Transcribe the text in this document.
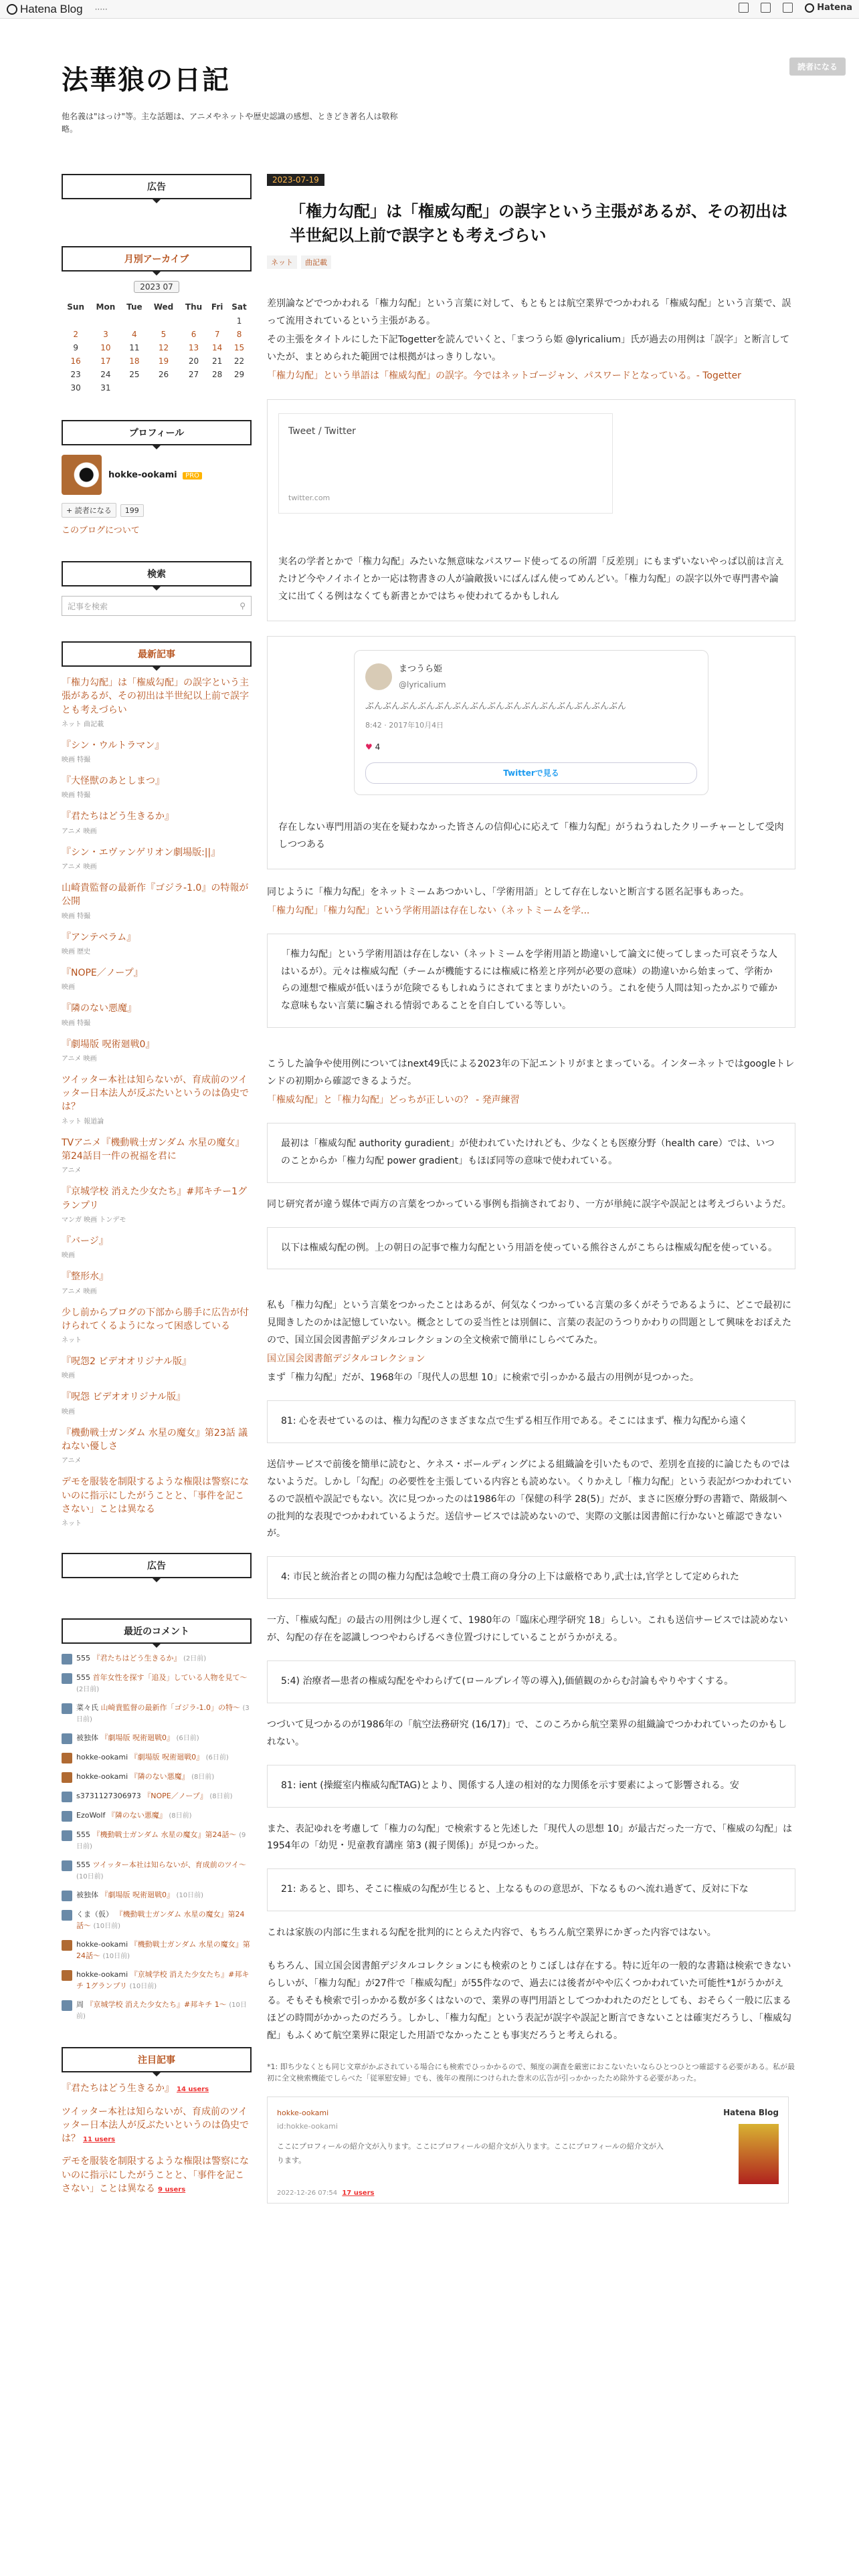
Hatena Blog ·····	Hatena
法華狼の日記

他名義は"はっけ"等。主な話題は、アニメやネットや歴史認識の感想、ときどき著名人は敬称略。

読者になる
広告
月別アーカイブ
2023 07
Sun	Mon	Tue	Wed	Thu	Fri	Sat
						1
2	3	4	5	6	7	8
9	10	11	12	13	14	15
16	17	18	19	20	21	22
23	24	25	26	27	28	29
30	31					
プロフィール
hokke-ookami PRO
+ 読者になる	199
このブログについて
検索
記事を検索	⚲
最新記事
「権力勾配」は「権威勾配」の誤字という主張があるが、その初出は半世紀以上前で誤字とも考えづらい
ネット 曲記載
『シン・ウルトラマン』
映画 特撮
『大怪獣のあとしまつ』
映画 特撮
『君たちはどう生きるか』
アニメ 映画
『シン・エヴァンゲリオン劇場版:||』
アニメ 映画
山崎貴監督の最新作『ゴジラ-1.0』の特報が公開
映画 特撮
『アンテベラム』
映画 歴史
『NOPE／ノープ』
映画
『隣のない悪魔』
映画 特撮
『劇場版 呪術廻戦0』
アニメ 映画
ツイッター本社は知らないが、育成前のツイッター日本法人が反ぶたいというのは偽史では？
ネット 報道論
TVアニメ『機動戦士ガンダム 水星の魔女』第24話目一件の祝福を君に
アニメ
『京城学校 消えた少女たち』#邦キチー1グランプリ
マンガ 映画 トンデモ
『バージ』
映画
『整形水』
アニメ 映画
少し前からブログの下部から勝手に広告が付けられてくるようになって困惑している
ネット
『呪怨2 ビデオオリジナル版』
映画
『呪怨 ビデオオリジナル版』
映画
『機動戦士ガンダム 水星の魔女』第23話 議ねない優しさ
アニメ
デモを服装を制限するような権限は警察にないのに指示にしたがうことと、「事件を記こさない」ことは異なる
ネット
広告
最近のコメント
555 『君たちはどう生きるか』 (2日前)
555 首年女性を探す「追及」している人物を見て〜 (2日前)
菜々氏 山崎貴監督の最新作「ゴジラ-1.0」の特〜 (3日前)
被独体 『劇場版 呪術廻戦0』 (6日前)
hokke-ookami 『劇場版 呪術廻戦0』 (6日前)
hokke-ookami 『隣のない悪魔』 (8日前)
s3731127306973 『NOPE／ノープ』 (8日前)
EzoWolf 『隣のない悪魔』 (8日前)
555 『機動戦士ガンダム 水星の魔女』第24話〜 (9日前)
555 ツイッター本社は知らないが、育成前のツイ〜 (10日前)
被独体 『劇場版 呪術廻戦0』 (10日前)
くま（仮） 『機動戦士ガンダム 水星の魔女』第24話〜 (10日前)
hokke-ookami 『機動戦士ガンダム 水星の魔女』第24話〜 (10日前)
hokke-ookami 『京城学校 消えた少女たち』#邦キチ 1グランプリ (10日前)
周 『京城学校 消えた少女たち』#邦キチ 1〜 (10日前)
注目記事
『君たちはどう生きるか』 14 users
ツイッター本社は知らないが、育成前のツイッター日本法人が反ぶたいというのは偽史では？ 11 users
デモを服装を制限するような権限は警察にないのに指示にしたがうことと、「事件を記こさない」ことは異なる 9 users
2023-07-19
「権力勾配」は「権威勾配」の誤字という主張があるが、その初出は半世紀以上前で誤字とも考えづらい
ネット	曲記載

差別論などでつかわれる「権力勾配」という言葉に対して、もともとは航空業界でつかわれる「権威勾配」という言葉で、誤って流用されているという主張がある。

その主張をタイトルにした下記Togetterを読んでいくと、「まつうら姫 @lyricalium」氏が過去の用例は「誤字」と断言していたが、まとめられた範囲では根拠がはっきりしない。

「権力勾配」という単語は「権威勾配」の誤字。今ではネットゴージャン、パスワードとなっている。- Togetter

Tweet / Twitter
twitter.com

実名の学者とかで「権力勾配」みたいな無意味なパスワード使ってるの所謂「反差別」にもまずいないやっぱ以前は言えたけど今やノイホイとか一応は物書きの人が論敵扱いにばんばん使ってめんどい。「権力勾配」の誤字以外で専門書や論文に出てくる例はなくても新書とかではちゃ使われてるかもしれん

まつうら姫
@lyricalium
ぶんぶんぶんぶんぶんぶんぶんぶんぶんぶんぶんぶんぶんぶんぶん
8:42 · 2017年10月4日
♥ 4
Twitterで見る

存在しない専門用語の実在を疑わなかった皆さんの信仰心に応えて「権力勾配」がうねうねしたクリーチャーとして受肉しつつある

同じように「権力勾配」をネットミームあつかいし、「学術用語」として存在しないと断言する匿名記事もあった。

「権力勾配」「権力勾配」という学術用語は存在しない（ネットミームを学...

「権力勾配」という学術用語は存在しない（ネットミームを学術用語と勘違いして論文に使ってしまった可哀そうな人はいるが）。元々は権威勾配（チームが機能するには権威に格差と序列が必要の意味）の勘違いから始まって、学術からの連想で権威が低いほうが危険でるもしれぬうにされてまとまりがたいのう。これを使う人間は知ったかぶりで確かな意味もない言葉に騙される情弱であることを自白している等しい。

こうした論争や使用例についてはnext49氏による2023年の下記エントリがまとまっている。インターネットではgoogleトレンドの初期から確認できるようだ。

「権威勾配」と「権力勾配」どっちが正しいの？ - 発声練習

最初は「権威勾配 authority guradient」が使われていたけれども、少なくとも医療分野（health care）では、いつのことからか「権力勾配 power gradient」もほぼ同等の意味で使われている。

同じ研究者が違う媒体で両方の言葉をつかっている事例も指摘されており、一方が単純に誤字や誤記とは考えづらいようだ。

以下は権威勾配の例。上の朝日の記事で権力勾配という用語を使っている熊谷さんがこちらは権威勾配を使っている。

私も「権力勾配」という言葉をつかったことはあるが、何気なくつかっている言葉の多くがそうであるように、どこで最初に見聞きしたのかは記憶していない。概念としての妥当性とは別個に、言葉の表記のうつりかわりの問題として興味をおぼえたので、国立国会図書館デジタルコレクションの全文検索で簡単にしらべてみた。

国立国会図書館デジタルコレクション

まず「権力勾配」だが、1968年の「現代人の思想 10」に検索で引っかかる最古の用例が見つかった。

81: 心を表せているのは、権力勾配のさまざまな点で生ずる相互作用である。そこにはまず、権力勾配から遠く

送信サービスで前後を簡単に読むと、ケネス・ボールディングによる組織論を引いたもので、差別を直接的に論じたものではないようだ。しかし「勾配」の必要性を主張している内容とも読めない。くりかえし「権力勾配」という表記がつかわれているので誤植や誤記でもない。次に見つかったのは1986年の「保健の科学 28(5)」だが、まさに医療分野の書籍で、階級制への批判的な表現でつかわれているようだ。送信サービスでは読めないので、実際の文脈は図書館に行かないと確認できないが。

4: 市民と統治者との間の権力勾配は急峻で士農工商の身分の上下は厳格であり,武士は,官学として定められた

一方、「権威勾配」の最古の用例は少し遅くて、1980年の「臨床心理学研究 18」らしい。これも送信サービスでは読めないが、勾配の存在を認識しつつやわらげるべき位置づけにしていることがうかがえる。

5:4) 治療者—患者の権威勾配をやわらげて(ロールプレイ等の導入),価値観のからむ討論もやりやすくする。

つづいて見つかるのが1986年の「航空法務研究 (16/17)」で、このころから航空業界の組織論でつかわれていったのかもしれない。

81: ient (操縦室内権威勾配TAG)とより、関係する人達の相対的な力関係を示す要素によって影響される。安

また、表記ゆれを考慮して「権力の勾配」で検索すると先述した「現代人の思想 10」が最古だった一方で、「権威の勾配」は1954年の「幼児・児童教育講座 第3 (親子関係)」が見つかった。

21: あると、即ち、そこに権威の勾配が生じると、上なるものの意思が、下なるものへ流れ過ぎて、反対に下な

これは家族の内部に生まれる勾配を批判的にとらえた内容で、もちろん航空業界にかぎった内容ではない。

もちろん、国立国会図書館デジタルコレクションにも検索のとりこぼしは存在する。特に近年の一般的な書籍は検索できないらしいが、「権力勾配」が27件で「権威勾配」が55件なので、過去には後者がやや広くつかわれていた可能性*1がうかがえる。そもそも検索で引っかかる数が多くはないので、業界の専門用語としてつかわれたのだとしても、おそらく一般に広まるほどの時間がかかったのだろう。しかし、「権力勾配」という表記が誤字や誤記と断言できないことは確実だろうし、「権威勾配」もふくめて航空業界に限定した用語でなかったことも事実だろうと考えられる。

*1: 即ち少なくとも同じ文章がかぶされている場合にも検索でひっかかるので、頻度の調査を厳密におこないたいならひとつひとつ確認する必要がある。私が最初に全文検索機能でしらべた「従軍慰安婦」でも、後年の複削につけられた巻末の広告が引っかかったため除外する必要があった。

hokke-ookami
id:hokke-ookami
ここにプロフィールの紹介文が入ります。ここにプロフィールの紹介文が入ります。ここにプロフィールの紹介文が入ります。
2022-12-26 07:54 17 users
Hatena Blog
